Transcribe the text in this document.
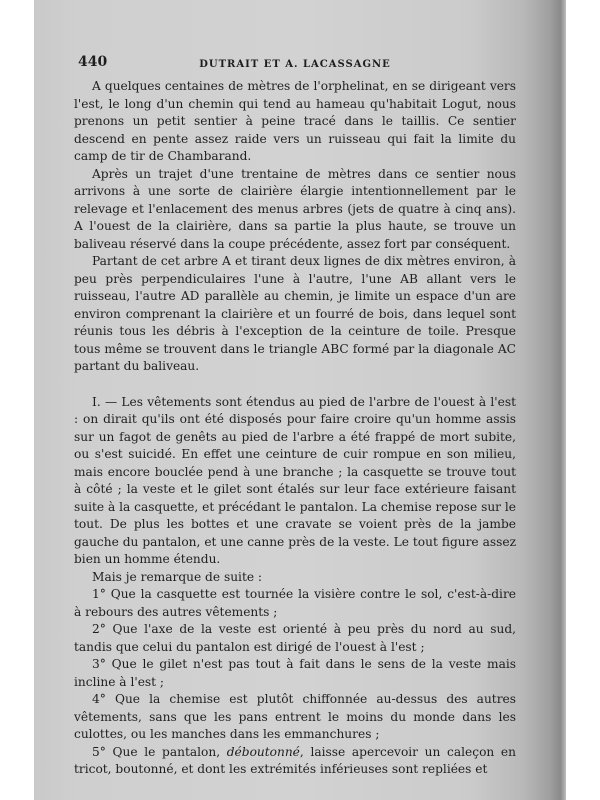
440	DUTRAIT ET A. LACASSAGNE

A quelques centaines de mètres de l'orphelinat, en se dirigeant vers l'est, le long d'un chemin qui tend au hameau qu'habitait Logut, nous prenons un petit sentier à peine tracé dans le taillis. Ce sentier descend en pente assez raide vers un ruisseau qui fait la limite du camp de tir de Chambarand.

Après un trajet d'une trentaine de mètres dans ce sentier nous arrivons à une sorte de clairière élargie intentionnellement par le relevage et l'enlacement des menus arbres (jets de quatre à cinq ans). A l'ouest de la clairière, dans sa partie la plus haute, se trouve un baliveau réservé dans la coupe précédente, assez fort par conséquent.

Partant de cet arbre A et tirant deux lignes de dix mètres environ, à peu près perpendiculaires l'une à l'autre, l'une AB allant vers le ruisseau, l'autre AD parallèle au chemin, je limite un espace d'un are environ comprenant la clairière et un fourré de bois, dans lequel sont réunis tous les débris à l'exception de la ceinture de toile. Presque tous même se trouvent dans le triangle ABC formé par la diagonale AC partant du baliveau.

I. — Les vêtements sont étendus au pied de l'arbre de l'ouest à l'est : on dirait qu'ils ont été disposés pour faire croire qu'un homme assis sur un fagot de genêts au pied de l'arbre a été frappé de mort subite, ou s'est suicidé. En effet une ceinture de cuir rompue en son milieu, mais encore bouclée pend à une branche ; la casquette se trouve tout à côté ; la veste et le gilet sont étalés sur leur face extérieure faisant suite à la casquette, et précédant le pantalon. La chemise repose sur le tout. De plus les bottes et une cravate se voient près de la jambe gauche du pantalon, et une canne près de la veste. Le tout figure assez bien un homme étendu.

Mais je remarque de suite :

1° Que la casquette est tournée la visière contre le sol, c'est-à-dire à rebours des autres vêtements ;

2° Que l'axe de la veste est orienté à peu près du nord au sud, tandis que celui du pantalon est dirigé de l'ouest à l'est ;

3° Que le gilet n'est pas tout à fait dans le sens de la veste mais incline à l'est ;

4° Que la chemise est plutôt chiffonnée au-dessus des autres vêtements, sans que les pans entrent le moins du monde dans les culottes, ou les manches dans les emmanchures ;

5° Que le pantalon, déboutonné, laisse apercevoir un caleçon en tricot, boutonné, et dont les extrémités inférieuses sont repliées et
